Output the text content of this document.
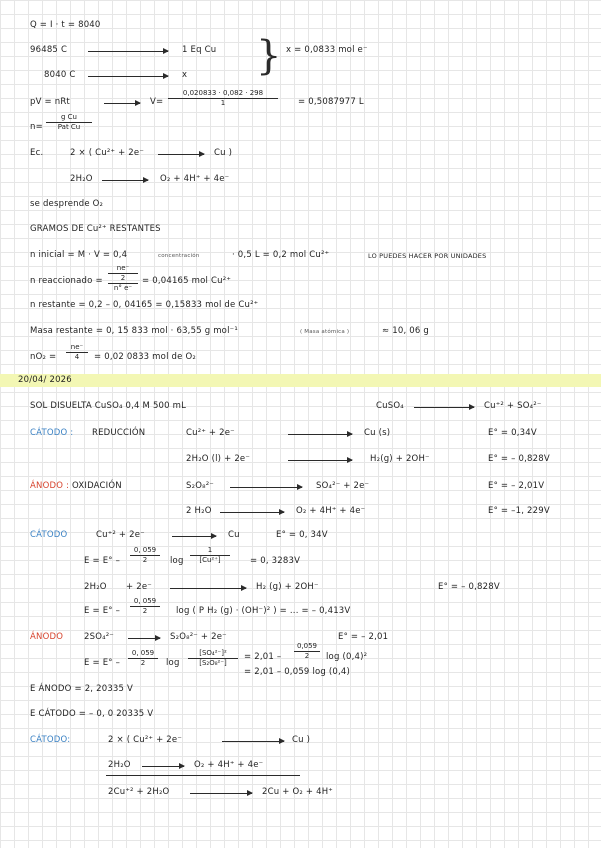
Q = I · t = 8040
96485 C	1 Eq Cu } x = 0,0833 mol e⁻
8040 C	x
pV = nRt	$V= \frac{0,020833 \cdot 0,082 \cdot 298}{1} = 0,5087977$ L
n=
g Cu
Pat Cu
Ec.	2 × ( Cu²⁺ + 2e⁻	Cu )
2H₂O	O₂ + 4H⁺ + 4e⁻
se desprende O₂
GRAMOS DE Cu²⁺ RESTANTES
n inicial = M · V = 0,4	concentración	· 0,5 L = 0,2 mol Cu²⁺	LO PUEDES HACER POR UNIDADES
n reaccionado =
ne⁻
2
n° e⁻
= 0,04165 mol Cu²⁺
n restante = 0,2 – 0, 04165 = 0,15833 mol de Cu²⁺
Masa restante = 0, 15 833 mol · 63,55 g mol⁻¹	( Masa atómica )	≈ 10, 06 g
$nO_2 = \frac{ne^-}{4} = 0,02$ 0833 mol de O₂
20/04/ 2026
SOL DISUELTA CuSO₄ 0,4 M 500 mL	CuSO₄	Cu⁺² + SO₄²⁻
CÁTODO : REDUCCIÓN	Cu²⁺ + 2e⁻	Cu (s)	E° = 0,34V
2H₂O (l) + 2e⁻	H₂(g) + 2OH⁻	E° = – 0,828V
ÁNODO : OXIDACIÓN	S₂O₈²⁻	SO₄²⁻ + 2e⁻	E° = – 2,01V
2 H₂O	O₂ + 4H⁺ + 4e⁻	E° = –1, 229V
CÁTODO	Cu⁺² + 2e⁻	Cu	E° = 0, 34V
$E = E^\circ - \frac{0, 059}{2}$ $\log \frac{1}{\text{[Cu²⁺]}} = 0$, 3283V
2H₂O + 2e⁻	H₂ (g) + 2OH⁻	E° = – 0,828V
$E = E^\circ - \frac{0, 059}{2}$ log ( P H₂ (g) · (OH⁻)² ) = ... = – 0,413V
ÁNODO 2SO₄²⁻	S₂O₈²⁻ + 2e⁻	E° = – 2,01
$E = E^\circ - \frac{0, 059}{2}$ $\log \frac{\text{[SO₄²⁻]²}}{\text{[S₂O₈²⁻]}} = 2,01 - \frac{0,059}{2}$ log (0,4)²
= 2,01 – 0,059 log (0,4)
E ÁNODO = 2, 20335 V
E CÁTODO = – 0, 0 20335 V
CÁTODO:	2 × ( Cu²⁺ + 2e⁻	Cu )
2H₂O	O₂ + 4H⁺ + 4e⁻
2Cu⁺² + 2H₂O	2Cu + O₂ + 4H⁺
